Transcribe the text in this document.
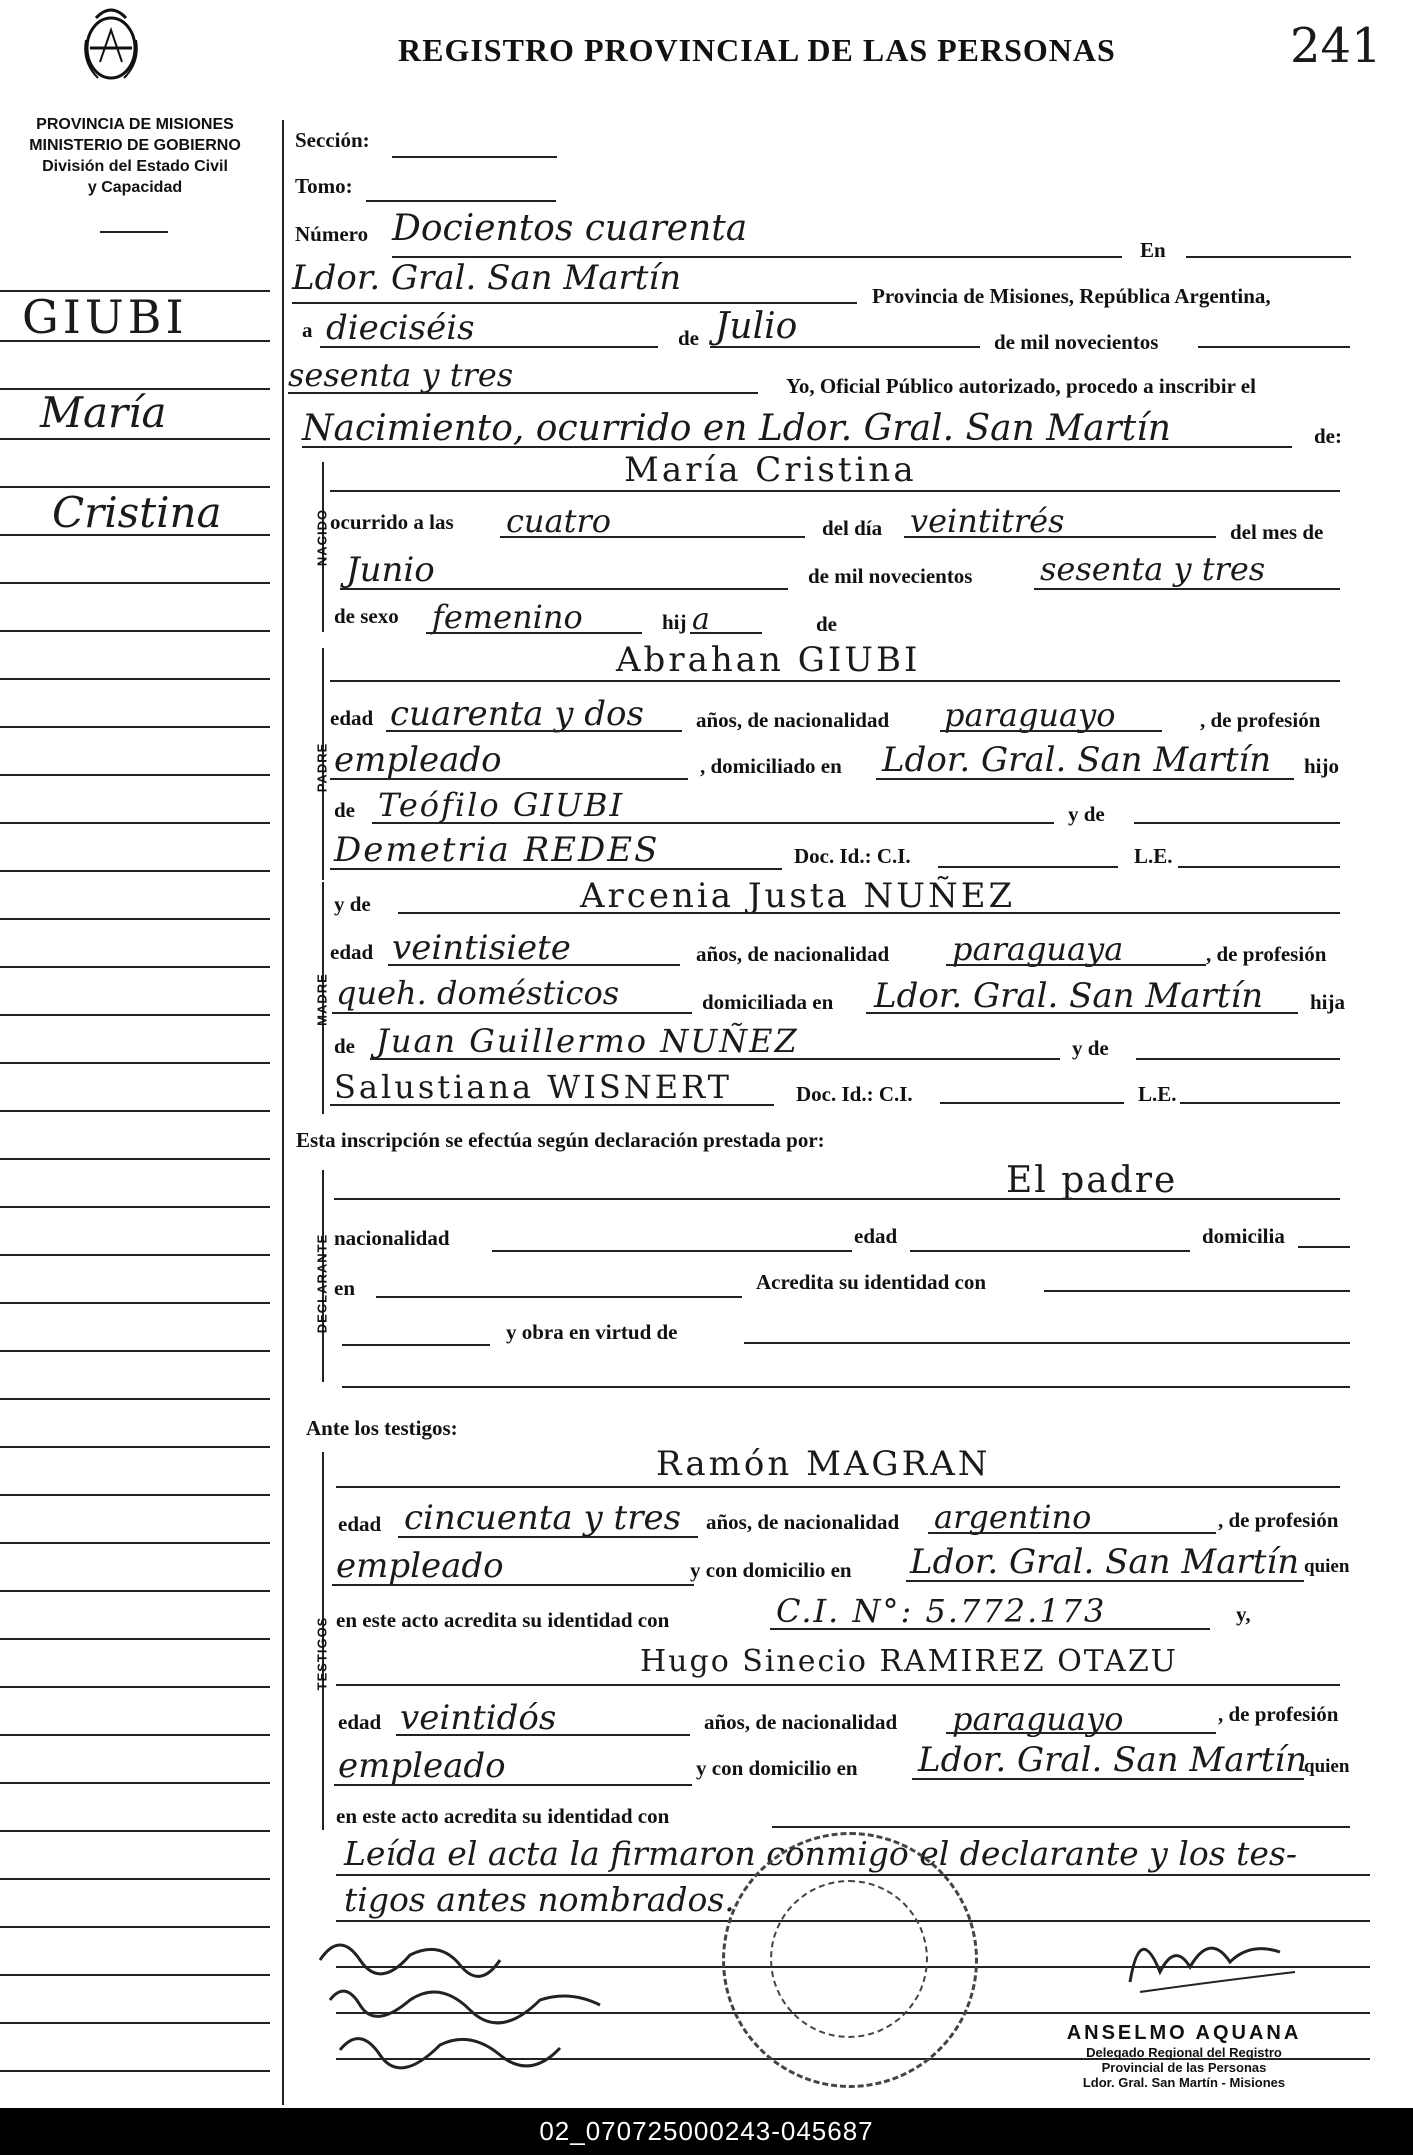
REGISTRO PROVINCIAL DE LAS PERSONAS	241
PROVINCIA DE MISIONES
MINISTERIO DE GOBIERNO
División del Estado Civil
y Capacidad
GIUBI
María
Cristina
Sección:
Tomo:
Número Docientos cuarenta
En
Ldor. Gral. San Martín	Provincia de Misiones, República Argentina,
a dieciséis	de Julio	de mil novecientos
sesenta y tres	Yo, Oficial Público autorizado, procedo a inscribir el
Nacimiento, ocurrido en Ldor. Gral. San Martín	de:
NACIDO
María Cristina
ocurrido a las cuatro	del día veintitrés	del mes de
Junio	de mil novecientos sesenta y tres
de sexo femenino	hij a	de
PADRE
Abrahan GIUBI
edad cuarenta y dos años, de nacionalidad paraguayo	, de profesión
empleado	, domiciliado en Ldor. Gral. San Martín hijo
de Teófilo GIUBI	y de
Demetria REDES	Doc. Id.: C.I.	L.E.
MADRE
y de	Arcenia Justa NUÑEZ
edad veintisiete	años, de nacionalidad paraguaya	, de profesión
queh. domésticos	domiciliada en Ldor. Gral. San Martín hija
de Juan Guillermo NUÑEZ	y de
Salustiana WISNERT	Doc. Id.: C.I.	L.E.
Esta inscripción se efectúa según declaración prestada por:
DECLARANTE
El padre
nacionalidad	edad	domicilia
en	Acredita su identidad con
y obra en virtud de
Ante los testigos:
TESTIGOS
Ramón MAGRAN
edad cincuenta y tres años, de nacionalidad argentino	, de profesión
empleado	y con domicilio en Ldor. Gral. San Martín quien
en este acto acredita su identidad con	C.I. N°: 5.772.173	y,
Hugo Sinecio RAMIREZ OTAZU
edad veintidós	años, de nacionalidad paraguayo	, de profesión
empleado	y con domicilio en Ldor. Gral. San Martín
quien
en este acto acredita su identidad con
Leída el acta la firmaron conmigo el declarante y los tes-
tigos antes nombrados.
ANSELMO AQUANA
Delegado Regional del Registro
Provincial de las Personas
Ldor. Gral. San Martín - Misiones
02_070725000243-045687
